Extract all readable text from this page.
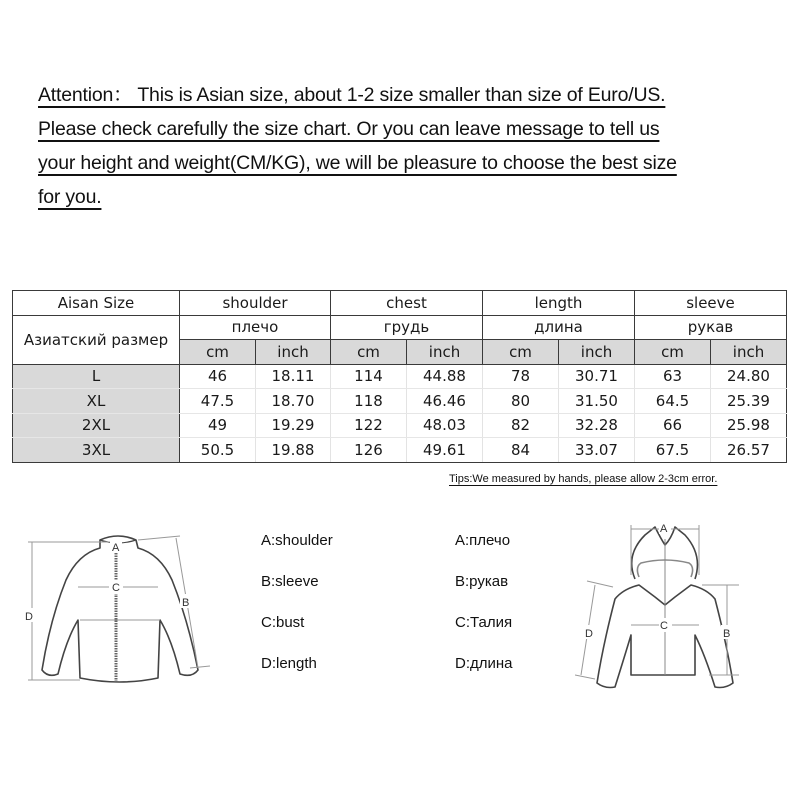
Attention： This is Asian size, about 1-2 size smaller than size of Euro/US.
Please check carefully the size chart. Or you can leave message to tell us
your height and weight(CM/KG), we will be pleasure to choose the best size
for you.
Aisan Size	shoulder		chest		length		sleeve	
Азиатский размер	плечо		грудь		длина		рукав	
	cm	inch	cm	inch	cm	inch	cm	inch
L	46	18.11	114	44.88	78	30.71	63	24.80
XL	47.5	18.70	118	46.46	80	31.50	64.5	25.39
2XL	49	19.29	122	48.03	82	32.28	66	25.98
3XL	50.5	19.88	126	49.61	84	33.07	67.5	26.57
Tips:We measured by hands, please allow 2-3cm error.
D
A
C
B
A:shoulder
B:sleeve
C:bust
D:length
A:плечо
B:рукав
C:Талия
D:длина
A
C
D	B
